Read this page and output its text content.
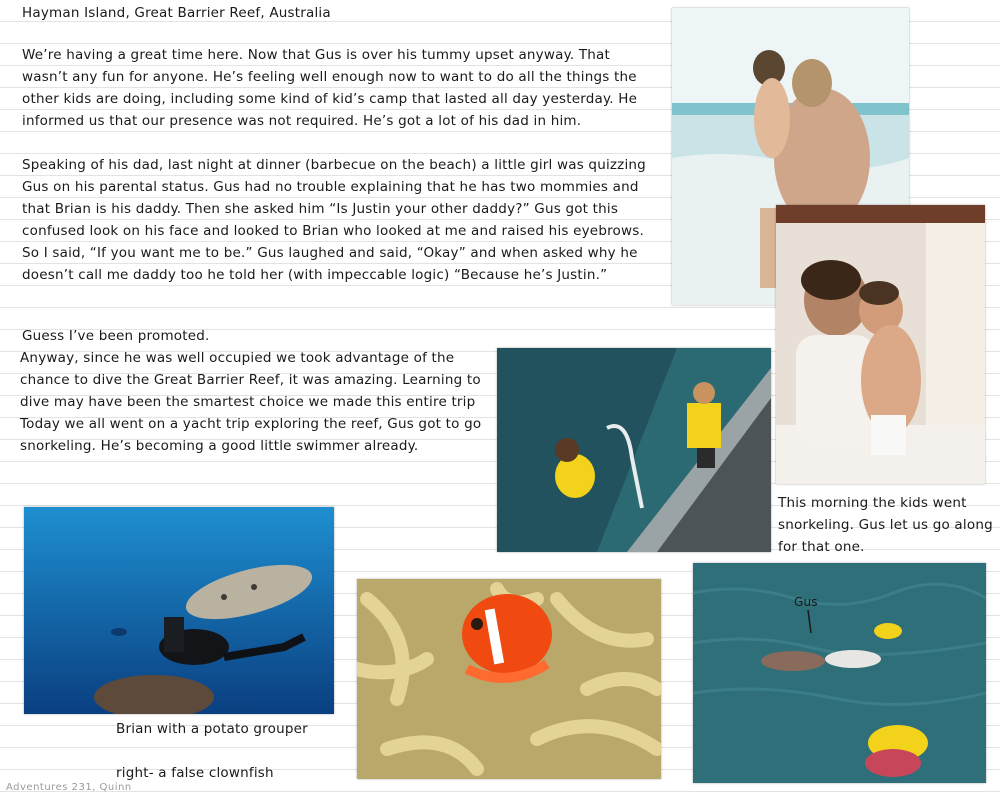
Hayman Island, Great Barrier Reef, Australia

We’re having a great time here. Now that Gus is over his tummy upset anyway. That wasn’t any fun for anyone. He’s feeling well enough now to want to do all the things the other kids are doing, including some kind of kid’s camp that lasted all day yesterday. He informed us that our presence was not required. He’s got a lot of his dad in him.

Speaking of his dad, last night at dinner (barbecue on the beach) a little girl was quizzing Gus on his parental status. Gus had no trouble explaining that he has two mommies and that Brian is his daddy. Then she asked him “Is Justin your other daddy?” Gus got this confused look on his face and looked to Brian who looked at me and raised his eyebrows. So I said, “If you want me to be.” Gus laughed and said, “Okay” and when asked why he doesn’t call me daddy too he told her (with impeccable logic) “Because he’s Justin.”

Guess I’ve been promoted.

Anyway, since he was well occupied we took advantage of the chance to dive the Great Barrier Reef, it was amazing. Learning to dive may have been the smartest choice we made this entire trip Today we all went on a yacht trip exploring the reef, Gus got to go snorkeling. He’s becoming a good little swimmer already.

This morning the kids went snorkeling. Gus let us go along for that one.
Brian with a potato grouper
right- a false clownfish
Gus
Adventures 231, Quinn
